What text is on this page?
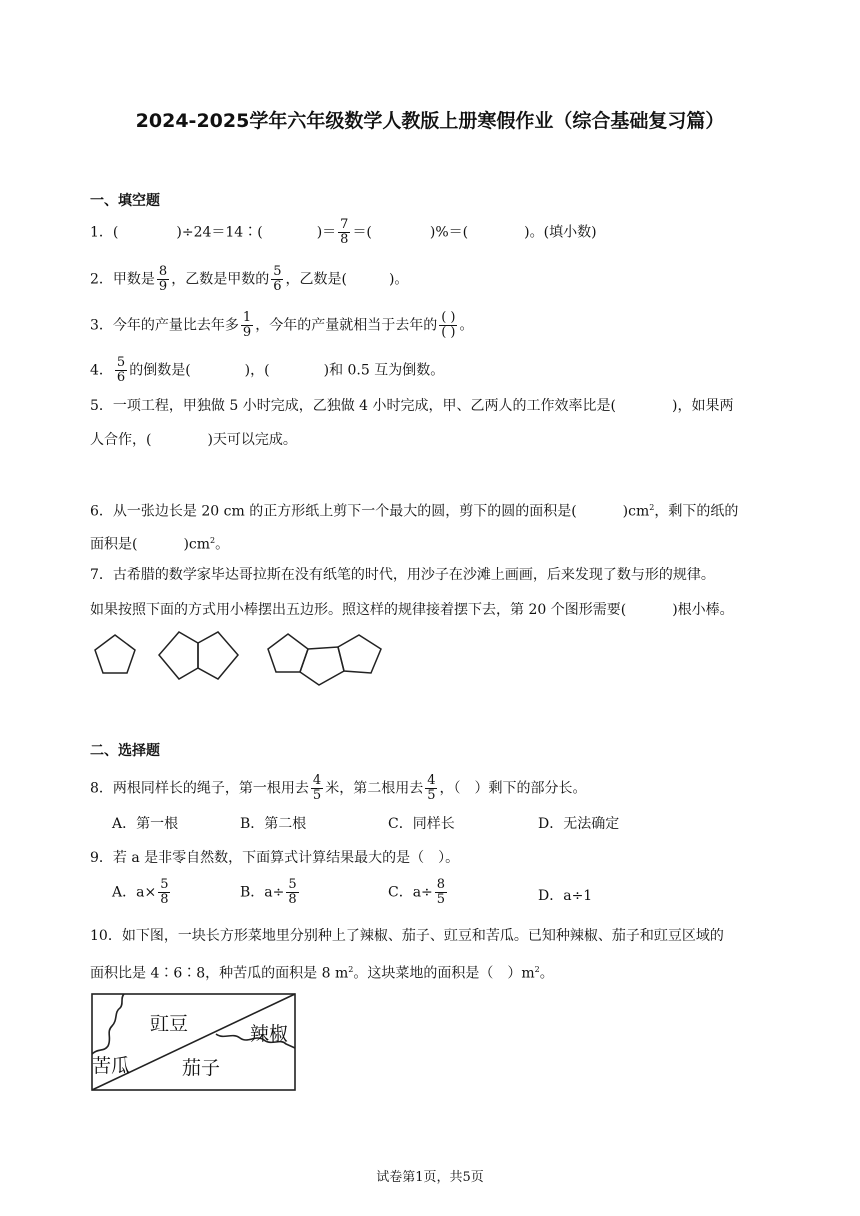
2024-2025学年六年级数学人教版上册寒假作业（综合基础复习篇）
一、填空题
1．(	)÷24＝14∶(	)＝ $\frac{7}{8}$ ＝(	)%＝(	)。(填小数)
2．甲数是 $\frac{8}{9}$ ，乙数是甲数的 $\frac{5}{6}$ ，乙数是(	)。
3．今年的产量比去年多 $\frac{1}{9}$ ，今年的产量就相当于去年的 $\frac{( )}{( )}$ 。
4． $\frac{5}{6}$ 的倒数是(	)，(	)和 0.5 互为倒数。
5．一项工程，甲独做 5 小时完成，乙独做 4 小时完成，甲、乙两人的工作效率比是(	)，如果两
人合作，(	)天可以完成。
6．从一张边长是 20 cm 的正方形纸上剪下一个最大的圆，剪下的圆的面积是(	)$cm^2$，剩下的纸的
面积是(	)$cm^2$。
7．古希腊的数学家毕达哥拉斯在没有纸笔的时代，用沙子在沙滩上画画，后来发现了数与形的规律。
如果按照下面的方式用小棒摆出五边形。照这样的规律接着摆下去，第 20 个图形需要(	)根小棒。
二、选择题
8．两根同样长的绳子，第一根用去 $\frac{4}{5}$ 米，第二根用去 $\frac{4}{5}$ ，（ ）剩下的部分长。
A．第一根	B．第二根	C．同样长	D．无法确定
9．若 a 是非零自然数，下面算式计算结果最大的是（ ）。
A．$a\times \frac{5}{8}$	B．$a\div \frac{5}{8}$	C．$a\div \frac{8}{5}$	D．a÷1
10．如下图，一块长方形菜地里分别种上了辣椒、茄子、豇豆和苦瓜。已知种辣椒、茄子和豇豆区域的
面积比是 4∶6∶8，种苦瓜的面积是 8 $m^2$。这块菜地的面积是（ ）$m^2$。
豇豆	辣椒
苦瓜	茄子
试卷第1页，共5页
